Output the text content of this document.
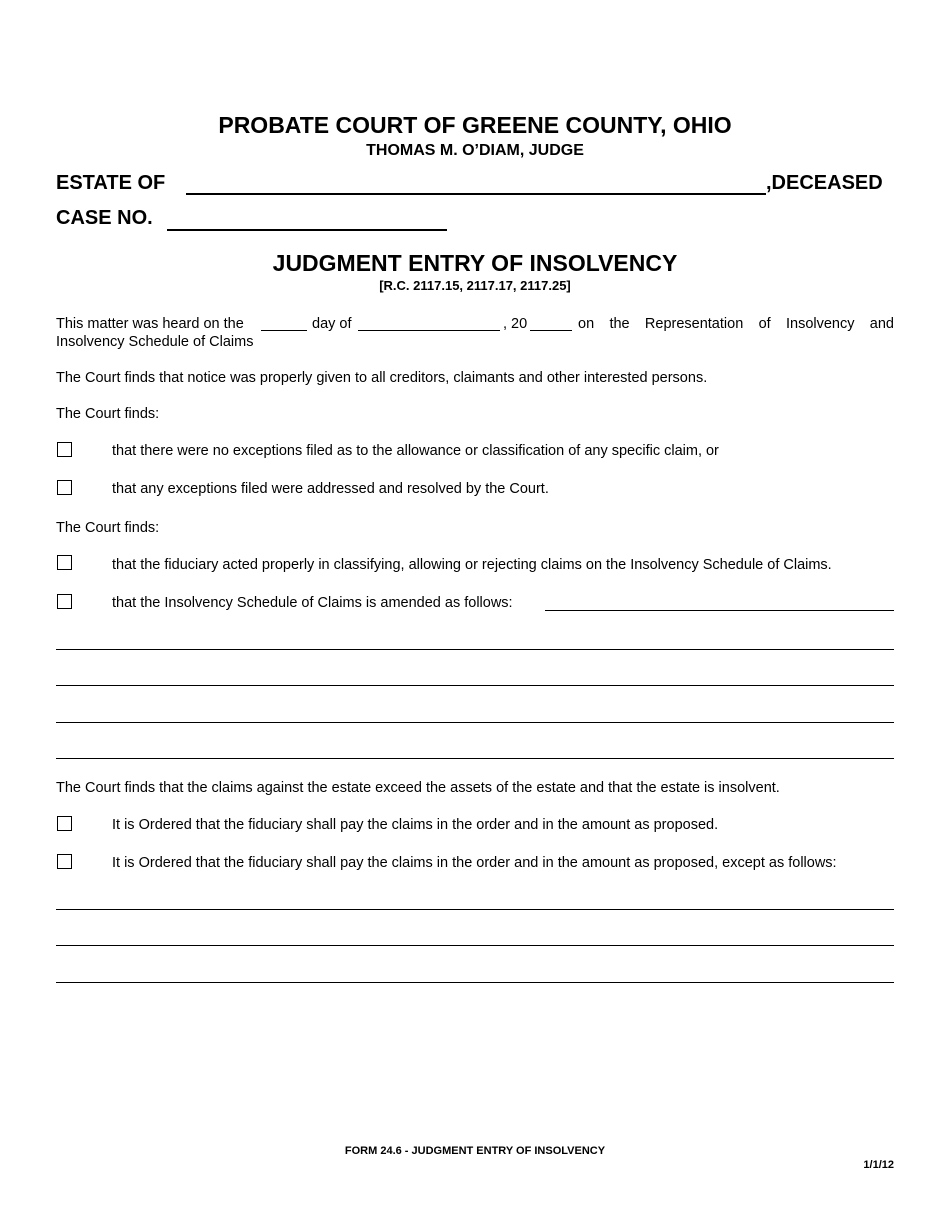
PROBATE COURT OF GREENE COUNTY, OHIO
THOMAS M. O’DIAM, JUDGE
ESTATE OF	,DECEASED
CASE NO.
JUDGMENT ENTRY OF INSOLVENCY
[R.C. 2117.15, 2117.17, 2117.25]
This matter was heard on the	day of	, 20	on the Representation of Insolvency and
Insolvency Schedule of Claims
The Court finds that notice was properly given to all creditors, claimants and other interested persons.
The Court finds:
that there were no exceptions filed as to the allowance or classification of any specific claim, or
that any exceptions filed were addressed and resolved by the Court.
The Court finds:
that the fiduciary acted properly in classifying, allowing or rejecting claims on the Insolvency Schedule of Claims.
that the Insolvency Schedule of Claims is amended as follows:
The Court finds that the claims against the estate exceed the assets of the estate and that the estate is insolvent.
It is Ordered that the fiduciary shall pay the claims in the order and in the amount as proposed.
It is Ordered that the fiduciary shall pay the claims in the order and in the amount as proposed, except as follows:
FORM 24.6 - JUDGMENT ENTRY OF INSOLVENCY
1/1/12
